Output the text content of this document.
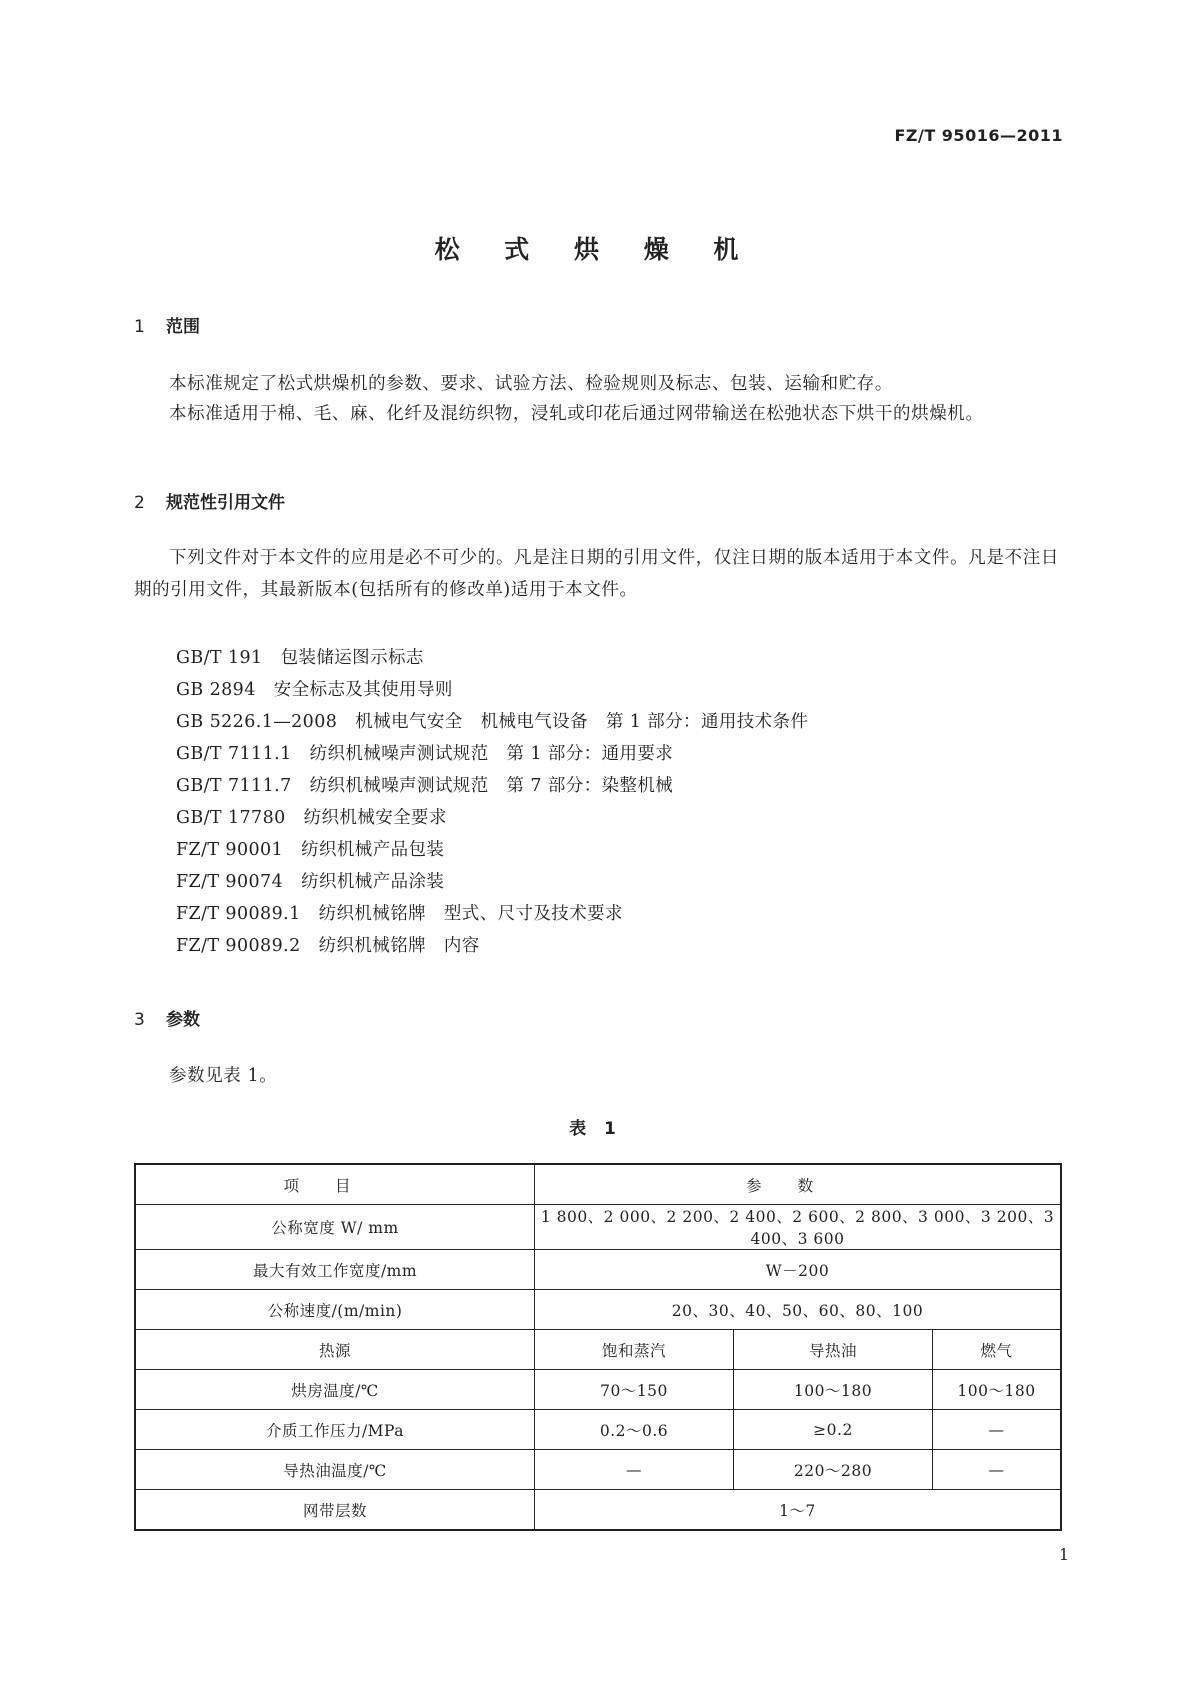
FZ/T 95016—2011
松 式 烘 燥 机
1 范围
本标准规定了松式烘燥机的参数、要求、试验方法、检验规则及标志、包装、运输和贮存。
本标准适用于棉、毛、麻、化纤及混纺织物，浸轧或印花后通过网带输送在松弛状态下烘干的烘燥机。
2 规范性引用文件
下列文件对于本文件的应用是必不可少的。凡是注日期的引用文件，仅注日期的版本适用于本文件。凡是不注日期的引用文件，其最新版本(包括所有的修改单)适用于本文件。
GB/T 191 包装储运图示标志
GB 2894 安全标志及其使用导则
GB 5226.1—2008 机械电气安全　机械电气设备　第 1 部分：通用技术条件
GB/T 7111.1 纺织机械噪声测试规范　第 1 部分：通用要求
GB/T 7111.7 纺织机械噪声测试规范　第 7 部分：染整机械
GB/T 17780 纺织机械安全要求
FZ/T 90001 纺织机械产品包装
FZ/T 90074 纺织机械产品涂装
FZ/T 90089.1 纺织机械铭牌　型式、尺寸及技术要求
FZ/T 90089.2 纺织机械铭牌　内容
3 参数
参数见表 1。
表 1
项目	参数		
公称宽度 W/ mm	1 800、2 000、2 200、2 400、2 600、2 800、3 000、3 200、3 400、3 600		
最大有效工作宽度/mm	W－200		
公称速度/(m/min)	20、30、40、50、60、80、100		
热源	饱和蒸汽	导热油	燃气
烘房温度/℃	70～150	100～180	100～180
介质工作压力/MPa	0.2～0.6	≥0.2	—
导热油温度/℃	—	220～280	—
网带层数	1～7		
1
